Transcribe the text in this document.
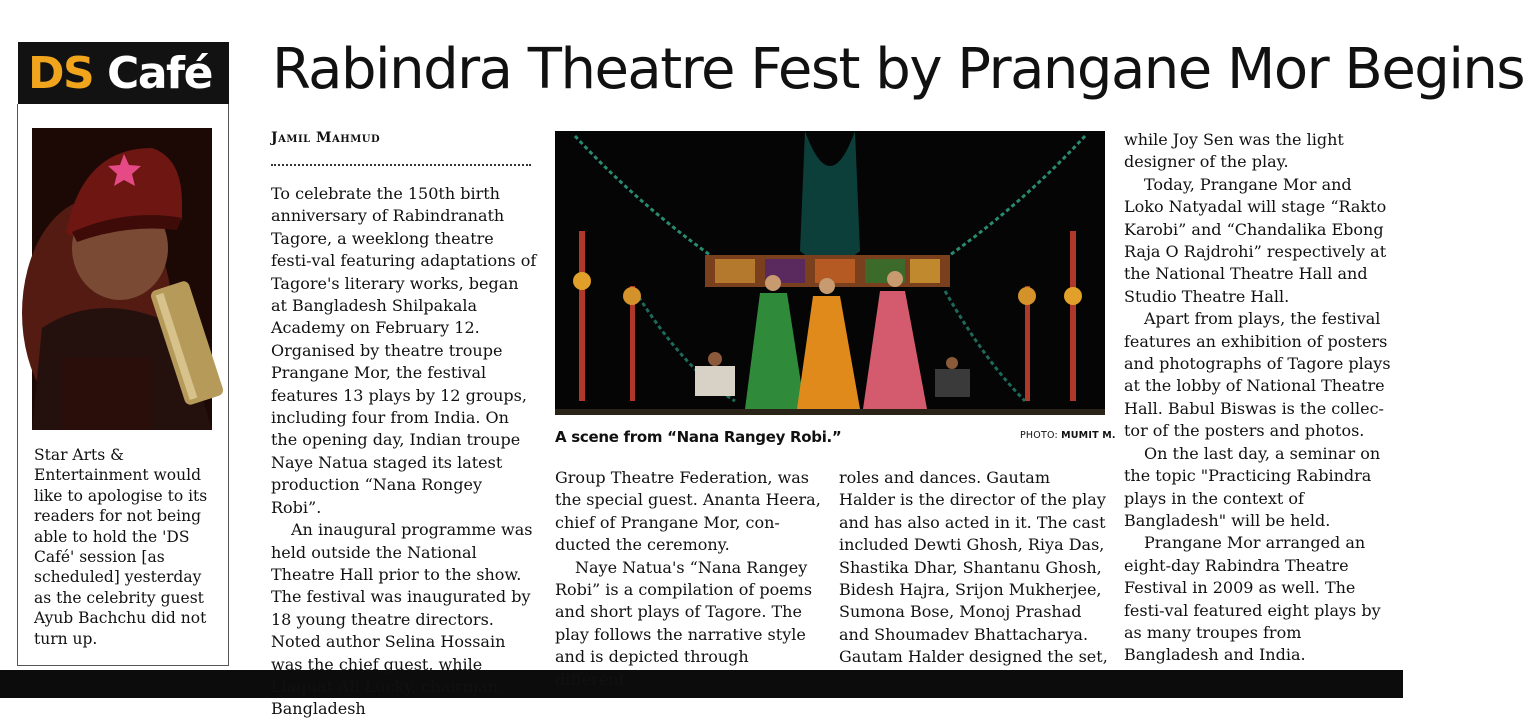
DS Café
Star Arts & Entertainment would like to apologise to its readers for not being able to hold the 'DS Café' session [as scheduled] yesterday as the celebrity guest Ayub Bachchu did not turn up.
Rabindra Theatre Fest by Prangane Mor Begins
Jamil Mahmud

To celebrate the 150th birth anniversary of Rabindranath Tagore, a weeklong theatre festi-val featuring adaptations of Tagore's literary works, began at Bangladesh Shilpakala Academy on February 12. Organised by theatre troupe Prangane Mor, the festival features 13 plays by 12 groups, including four from India. On the opening day, Indian troupe Naye Natua staged its latest production “Nana Rongey Robi”.

An inaugural programme was held outside the National Theatre Hall prior to the show. The festival was inaugurated by 18 young theatre directors. Noted author Selina Hossain was the chief guest, while Liaquat Ali Lucky, chairman, Bangladesh

A scene from “Nana Rangey Robi.”	PHOTO: MUMIT M.

Group Theatre Federation, was the special guest. Ananta Heera, chief of Prangane Mor, con-ducted the ceremony.

Naye Natua's “Nana Rangey Robi” is a compilation of poems and short plays of Tagore. The play follows the narrative style and is depicted through different

roles and dances. Gautam Halder is the director of the play and has also acted in it. The cast included Dewti Ghosh, Riya Das, Shastika Dhar, Shantanu Ghosh, Bidesh Hajra, Srijon Mukherjee, Sumona Bose, Monoj Prashad and Shoumadev Bhattacharya. Gautam Halder designed the set,

while Joy Sen was the light designer of the play.

Today, Prangane Mor and Loko Natyadal will stage “Rakto Karobi” and “Chandalika Ebong Raja O Rajdrohi” respectively at the National Theatre Hall and Studio Theatre Hall.

Apart from plays, the festival features an exhibition of posters and photographs of Tagore plays at the lobby of National Theatre Hall. Babul Biswas is the collec-tor of the posters and photos.

On the last day, a seminar on the topic "Practicing Rabindra plays in the context of Bangladesh" will be held.

Prangane Mor arranged an eight-day Rabindra Theatre Festival in 2009 as well. The festi-val featured eight plays by as many troupes from Bangladesh and India.
